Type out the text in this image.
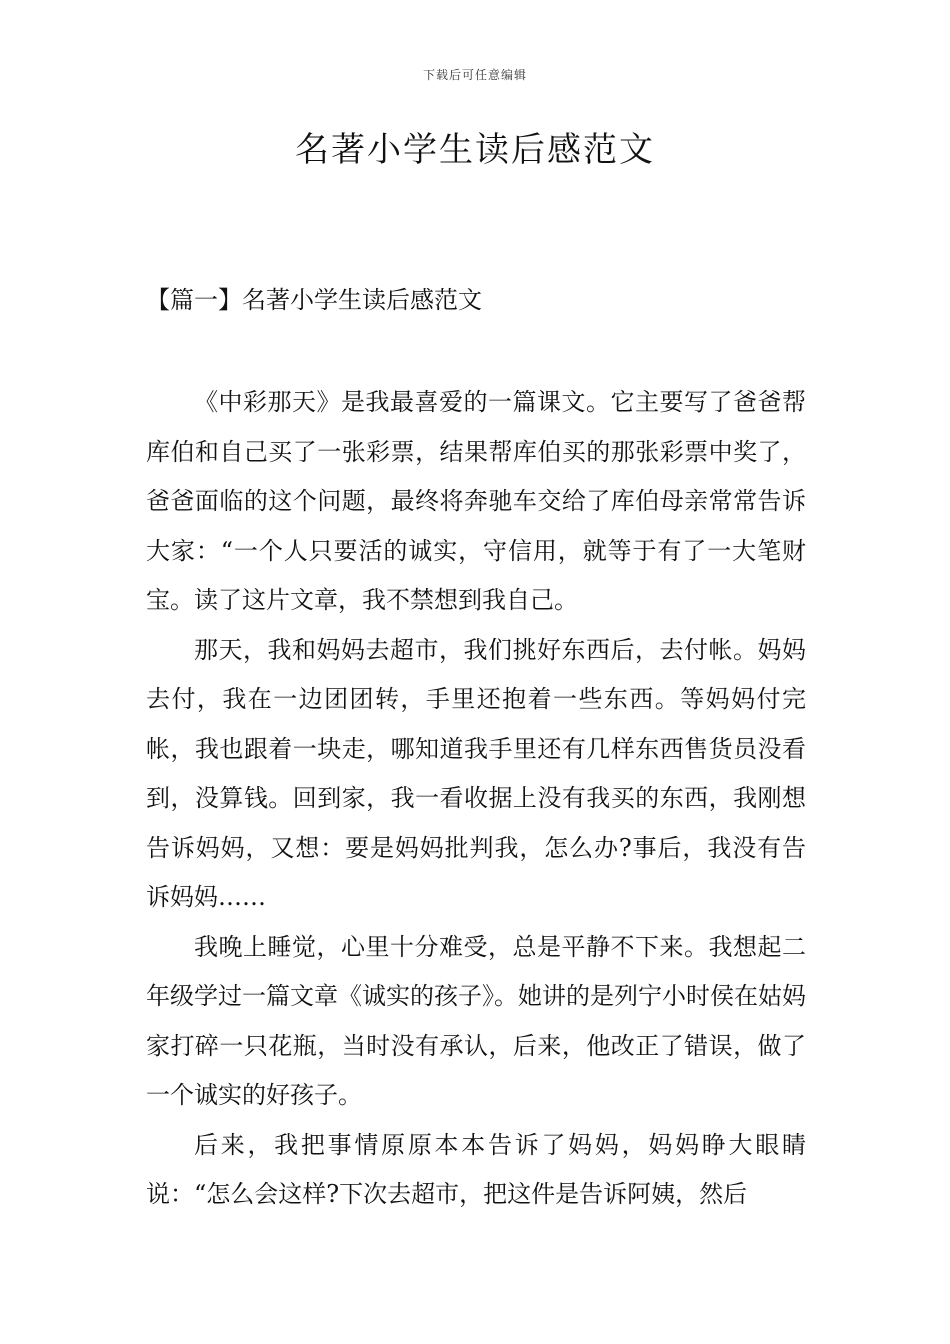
下载后可任意编辑
名著小学生读后感范文
【篇一】名著小学生读后感范文

《中彩那天》是我最喜爱的一篇课文。它主要写了爸爸帮库伯和自己买了一张彩票，结果帮库伯买的那张彩票中奖了，爸爸面临的这个问题，最终将奔驰车交给了库伯母亲常常告诉大家：“一个人只要活的诚实，守信用，就等于有了一大笔财宝。读了这片文章，我不禁想到我自己。

那天，我和妈妈去超市，我们挑好东西后，去付帐。妈妈去付，我在一边团团转，手里还抱着一些东西。等妈妈付完帐，我也跟着一块走，哪知道我手里还有几样东西售货员没看到，没算钱。回到家，我一看收据上没有我买的东西，我刚想告诉妈妈，又想：要是妈妈批判我，怎么办?事后，我没有告诉妈妈……

我晚上睡觉，心里十分难受，总是平静不下来。我想起二年级学过一篇文章《诚实的孩子》。她讲的是列宁小时侯在姑妈家打碎一只花瓶，当时没有承认，后来，他改正了错误，做了一个诚实的好孩子。

后来，我把事情原原本本告诉了妈妈，妈妈睁大眼睛说：“怎么会这样?下次去超市，把这件是告诉阿姨，然后
